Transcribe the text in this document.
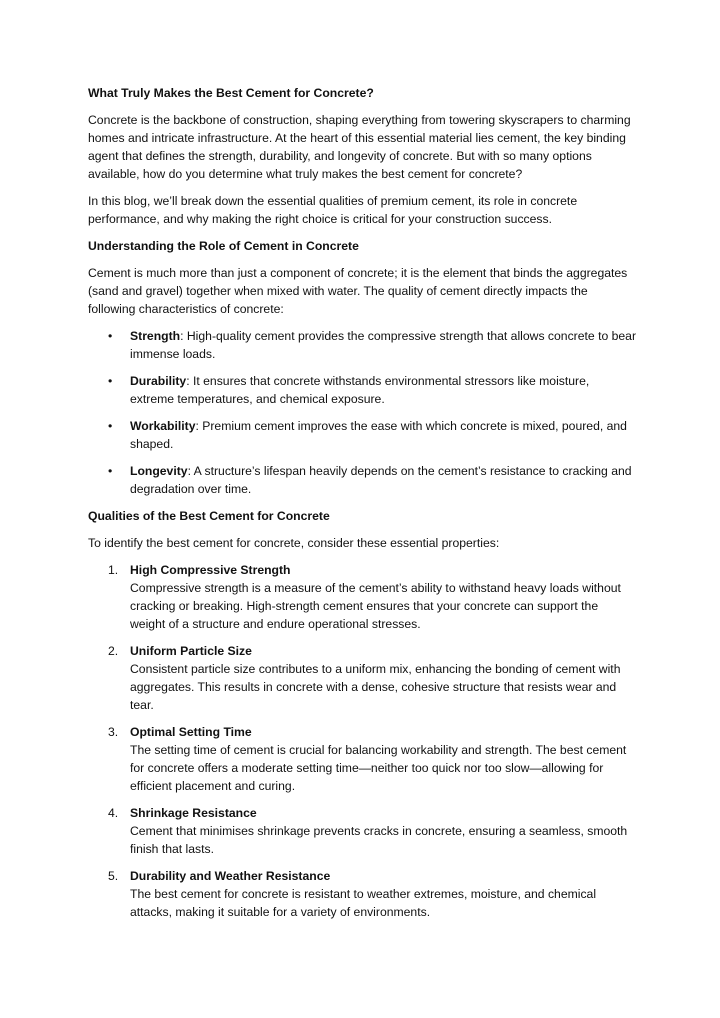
What Truly Makes the Best Cement for Concrete?

Concrete is the backbone of construction, shaping everything from towering skyscrapers to charming homes and intricate infrastructure. At the heart of this essential material lies cement, the key binding agent that defines the strength, durability, and longevity of concrete. But with so many options available, how do you determine what truly makes the best cement for concrete?

In this blog, we’ll break down the essential qualities of premium cement, its role in concrete performance, and why making the right choice is critical for your construction success.

Understanding the Role of Cement in Concrete

Cement is much more than just a component of concrete; it is the element that binds the aggregates (sand and gravel) together when mixed with water. The quality of cement directly impacts the following characteristics of concrete:

• Strength: High-quality cement provides the compressive strength that allows concrete to bear immense loads.
• Durability: It ensures that concrete withstands environmental stressors like moisture, extreme temperatures, and chemical exposure.
• Workability: Premium cement improves the ease with which concrete is mixed, poured, and shaped.
• Longevity: A structure’s lifespan heavily depends on the cement’s resistance to cracking and degradation over time.
Qualities of the Best Cement for Concrete

To identify the best cement for concrete, consider these essential properties:

1. High Compressive Strength
Compressive strength is a measure of the cement’s ability to withstand heavy loads without cracking or breaking. High-strength cement ensures that your concrete can support the weight of a structure and endure operational stresses.
2. Uniform Particle Size
Consistent particle size contributes to a uniform mix, enhancing the bonding of cement with aggregates. This results in concrete with a dense, cohesive structure that resists wear and tear.
3. Optimal Setting Time
The setting time of cement is crucial for balancing workability and strength. The best cement for concrete offers a moderate setting time—neither too quick nor too slow—allowing for efficient placement and curing.
4. Shrinkage Resistance
Cement that minimises shrinkage prevents cracks in concrete, ensuring a seamless, smooth finish that lasts.
5. Durability and Weather Resistance
The best cement for concrete is resistant to weather extremes, moisture, and chemical attacks, making it suitable for a variety of environments.
